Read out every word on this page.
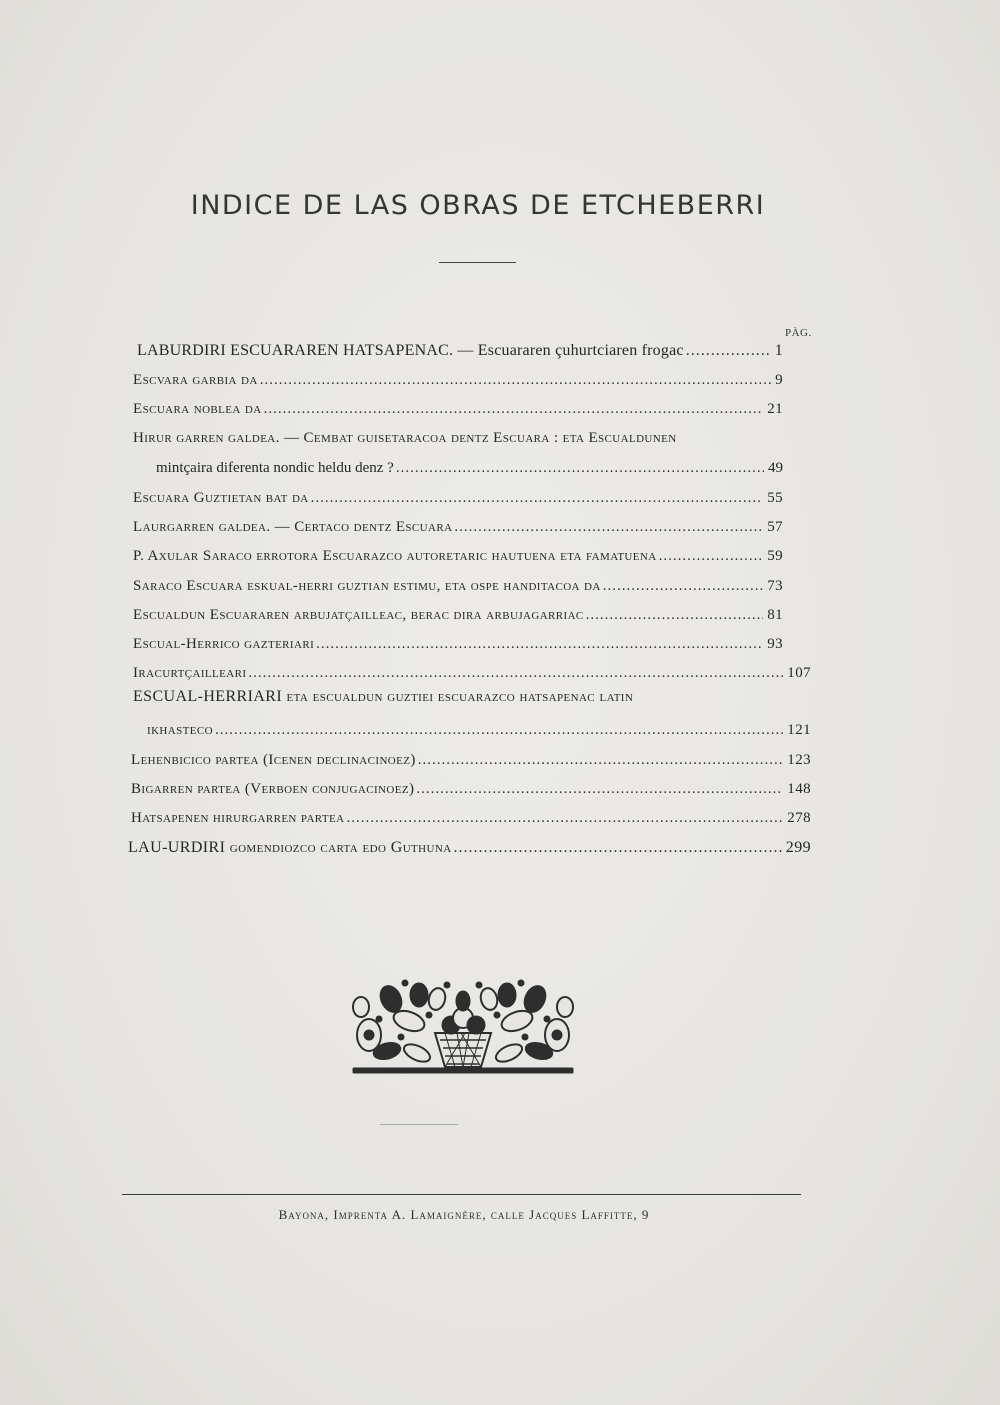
INDICE DE LAS OBRAS DE ETCHEBERRI
PÀG.
LABURDIRI ESCUARAREN HATSAPENAC. — Escuararen çuhurtciaren frogac .....	1
Escvara garbia da .....	9
Escuara noblea da .....	21
Hirur garren galdea. — Cembat guisetaracoa dentz Escuara : eta Escualdunen
mintçaira diferenta nondic heldu denz ? .....	49
Escuara Guztietan bat da .....	55
Laurgarren galdea. — Certaco dentz Escuara .....	57
P. Axular Saraco errotora Escuarazco autoretaric hautuena eta famatuena .....	59
Saraco Escuara eskual-herri guztian estimu, eta ospe handitacoa da .....	73
Escualdun Escuararen arbujatçailleac, berac dira arbujagarriac .....	81
Escual-Herrico gazteriari .....	93
Iracurtçailleari .....	107
ESCUAL-HERRIARI eta escualdun guztiei escuarazco hatsapenac latin
ikhasteco .....	121
Lehenbicico partea (Icenen declinacinoez) .....	123
Bigarren partea (Verboen conjugacinoez) .....	148
Hatsapenen hirurgarren partea .....	278
LAU-URDIRI gomendiozco carta edo Guthuna .....	299
Bayona, Imprenta A. Lamaignère, calle Jacques Laffitte, 9
